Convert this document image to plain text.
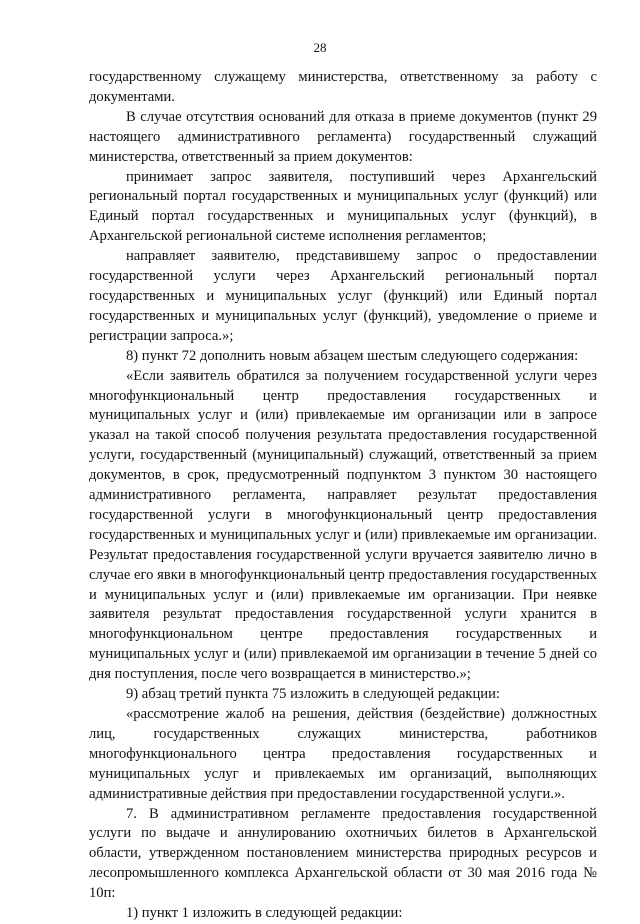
28

государственному служащему министерства, ответственному за работу с документами.

В случае отсутствия оснований для отказа в приеме документов (пункт 29 настоящего административного регламента) государственный служащий министерства, ответственный за прием документов:

принимает запрос заявителя, поступивший через Архангельский региональный портал государственных и муниципальных услуг (функций) или Единый портал государственных и муниципальных услуг (функций), в Архангельской региональной системе исполнения регламентов;

направляет заявителю, представившему запрос о предоставлении государственной услуги через Архангельский региональный портал государственных и муниципальных услуг (функций) или Единый портал государственных и муниципальных услуг (функций), уведомление о приеме и регистрации запроса.»;

8) пункт 72 дополнить новым абзацем шестым следующего содержания:

«Если заявитель обратился за получением государственной услуги через многофункциональный центр предоставления государственных и муниципальных услуг и (или) привлекаемые им организации или в запросе указал на такой способ получения результата предоставления государственной услуги, государственный (муниципальный) служащий, ответственный за прием документов, в срок, предусмотренный подпунктом 3 пунктом 30 настоящего административного регламента, направляет результат предоставления государственной услуги в многофункциональный центр предоставления государственных и муниципальных услуг и (или) привлекаемые им организации. Результат предоставления государственной услуги вручается заявителю лично в случае его явки в многофункциональный центр предоставления государственных и муниципальных услуг и (или) привлекаемые им организации. При неявке заявителя результат предоставления государственной услуги хранится в многофункциональном центре предоставления государственных и муниципальных услуг и (или) привлекаемой им организации в течение 5 дней со дня поступления, после чего возвращается в министерство.»;

9) абзац третий пункта 75 изложить в следующей редакции:

«рассмотрение жалоб на решения, действия (бездействие) должностных лиц, государственных служащих министерства, работников многофункционального центра предоставления государственных и муниципальных услуг и привлекаемых им организаций, выполняющих административные действия при предоставлении государственной услуги.».

7. В административном регламенте предоставления государственной услуги по выдаче и аннулированию охотничьих билетов в Архангельской области, утвержденном постановлением министерства природных ресурсов и лесопромышленного комплекса Архангельской области от 30 мая 2016 года № 10п:

1) пункт 1 изложить в следующей редакции:
